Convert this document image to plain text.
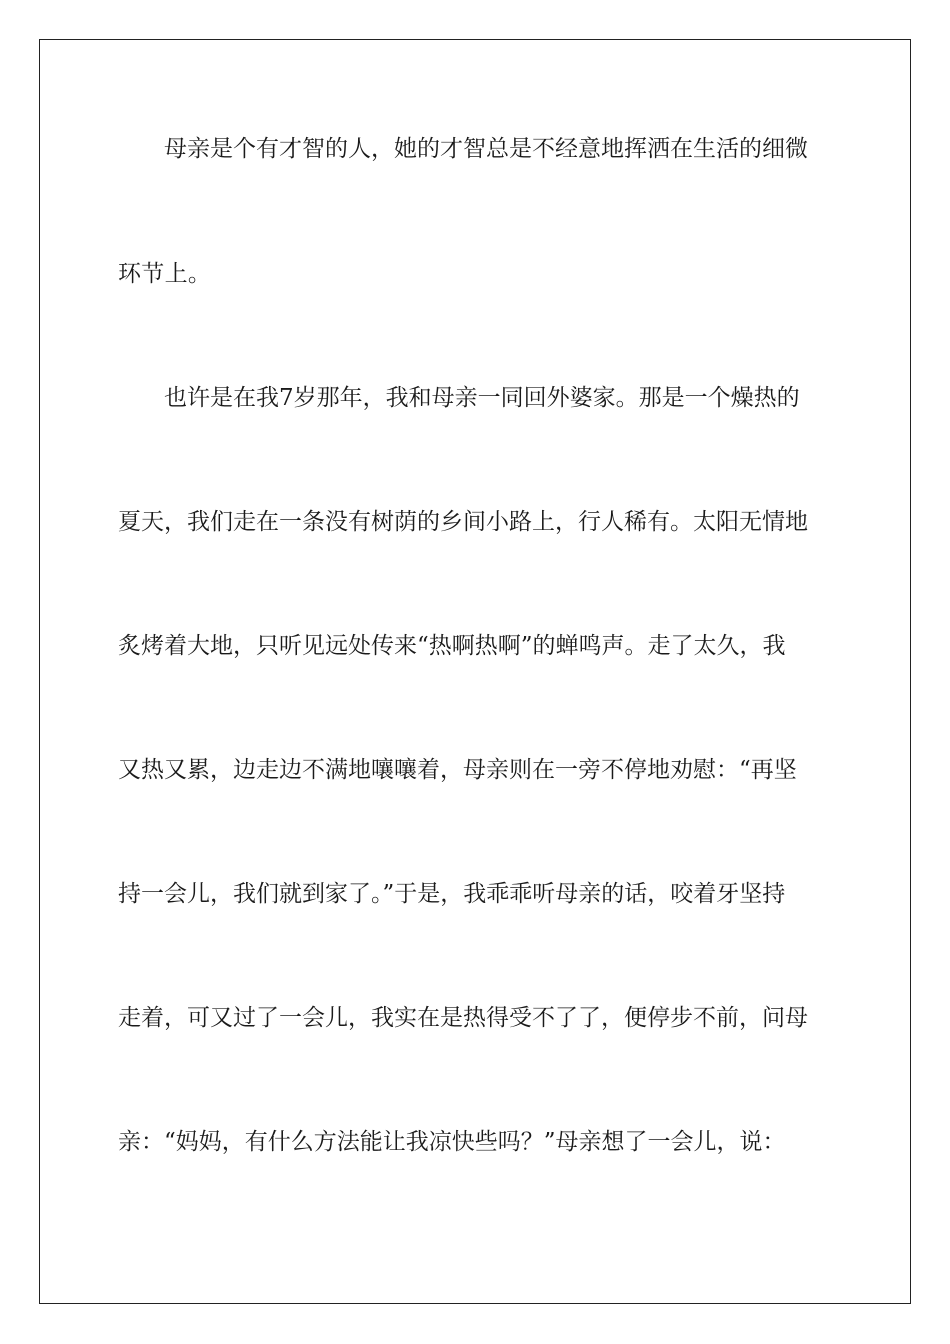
母亲是个有才智的人，她的才智总是不经意地挥洒在生活的细微
环节上。
也许是在我7岁那年，我和母亲一同回外婆家。那是一个燥热的
夏天，我们走在一条没有树荫的乡间小路上，行人稀有。太阳无情地
炙烤着大地，只听见远处传来“热啊热啊”的蝉鸣声。走了太久，我
又热又累，边走边不满地嚷嚷着，母亲则在一旁不停地劝慰：“再坚
持一会儿，我们就到家了。”于是，我乖乖听母亲的话，咬着牙坚持
走着，可又过了一会儿，我实在是热得受不了了，便停步不前，问母
亲：“妈妈，有什么方法能让我凉快些吗？”母亲想了一会儿，说：
